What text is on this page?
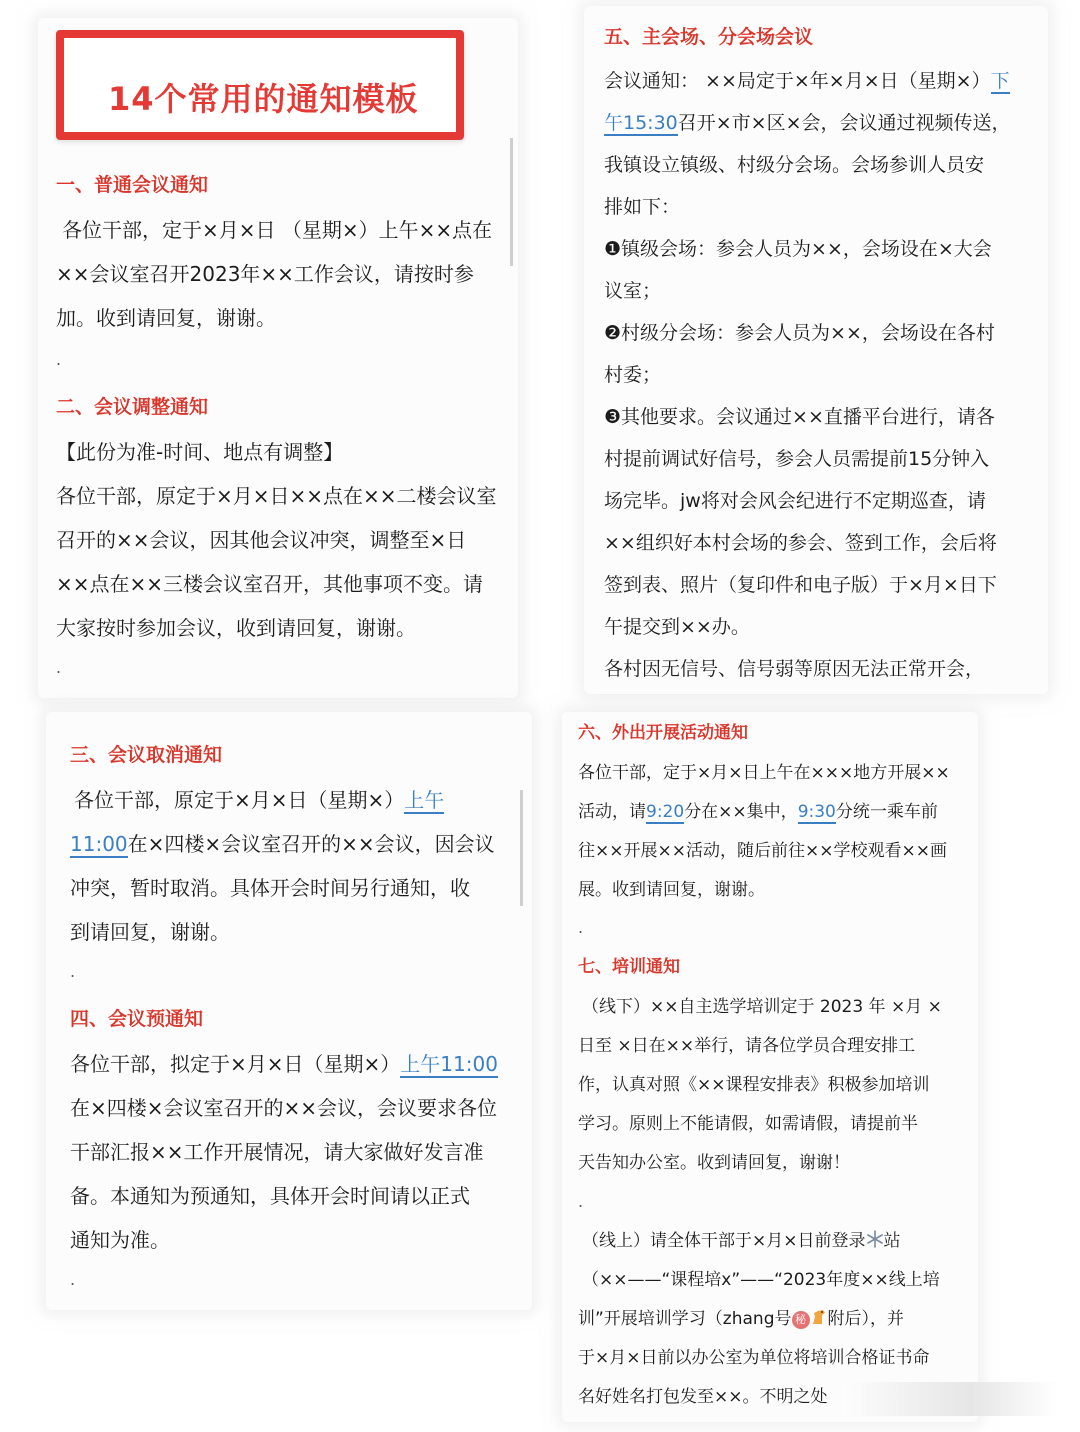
14个常用的通知模板
一、普通会议通知
各位干部，定于×月×日 （星期×）上午××点在
××会议室召开2023年××工作会议，请按时参
加。收到请回复，谢谢。
.
二、会议调整通知
【此份为准-时间、地点有调整】
各位干部，原定于×月×日××点在××二楼会议室
召开的××会议，因其他会议冲突，调整至×日
××点在××三楼会议室召开，其他事项不变。请
大家按时参加会议，收到请回复，谢谢。
.
三、会议取消通知
各位干部，原定于×月×日（星期×）上午
11:00在×四楼×会议室召开的××会议，因会议
冲突，暂时取消。具体开会时间另行通知，收
到请回复，谢谢。
.
四、会议预通知
各位干部，拟定于×月×日（星期×）上午11:00
在×四楼×会议室召开的××会议，会议要求各位
干部汇报××工作开展情况，请大家做好发言准
备。本通知为预通知，具体开会时间请以正式
通知为准。
.
五、主会场、分会场会议
会议通知： ××局定于×年×月×日（星期×）下
午15:30召开×市×区×会，会议通过视频传送，
我镇设立镇级、村级分会场。会场参训人员安
排如下：
❶镇级会场：参会人员为××，会场设在×大会
议室；
❷村级分会场：参会人员为××，会场设在各村
村委；
❸其他要求。会议通过××直播平台进行，请各
村提前调试好信号，参会人员需提前15分钟入
场完毕。jw将对会风会纪进行不定期巡查，请
××组织好本村会场的参会、签到工作，会后将
签到表、照片（复印件和电子版）于×月×日下
午提交到××办。
各村因无信号、信号弱等原因无法正常开会，
六、外出开展活动通知
各位干部，定于×月×日上午在×××地方开展××
活动，请9:20分在××集中，9:30分统一乘车前
往××开展××活动，随后前往××学校观看××画
展。收到请回复，谢谢。
.
七、培训通知
（线下）××自主选学培训定于 2023 年 ×月 ×
日至 ×日在××举行，请各位学员合理安排工
作，认真对照《××课程安排表》积极参加培训
学习。原则上不能请假，如需请假，请提前半
天告知办公室。收到请回复，谢谢！
.
（线上）请全体干部于×月×日前登录 站
（××——“课程培x”——“2023年度××线上培
训”开展培训学习（zhang号 秘 附后），并
于×月×日前以办公室为单位将培训合格证书命
名好姓名打包发至××。不明之处
